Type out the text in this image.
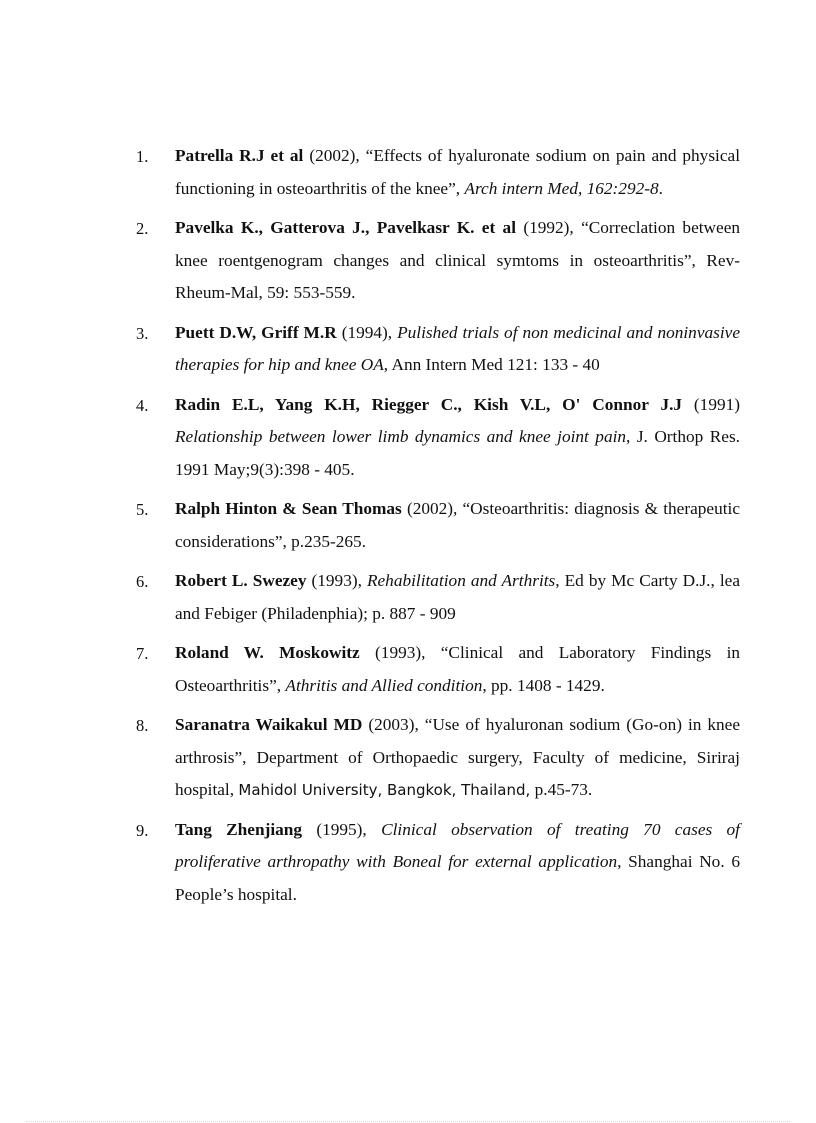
1 .	Patrella R.J et al (2002), “Effects of hyaluronate sodium on pain and physical functioning in osteoarthritis of the knee”, Arch intern Med, 162:292-8.
2 .	Pavelka K., Gatterova J., Pavelkasr K. et al (1992), “Correclation between knee roentgenogram changes and clinical symtoms in osteoarthritis”, Rev-Rheum-Mal, 59: 553-559.
3 .	Puett D.W, Griff M.R (1994), Pulished trials of non medicinal and noninvasive therapies for hip and knee OA, Ann Intern Med 121: 133 - 40
4 .	Radin E.L, Yang K.H, Riegger C., Kish V.L, O' Connor J.J (1991) Relationship between lower limb dynamics and knee joint pain, J. Orthop Res. 1991 May;9(3):398 - 405.
5 .	Ralph Hinton & Sean Thomas (2002), “Osteoarthritis: diagnosis & therapeutic considerations”, p.235-265.
6 .	Robert L. Swezey (1993), Rehabilitation and Arthrits, Ed by Mc Carty D.J., lea and Febiger (Philadenphia); p. 887 - 909
7 .	Roland W. Moskowitz (1993), “Clinical and Laboratory Findings in Osteoarthritis”, Athritis and Allied condition, pp. 1408 - 1429.
8 .	Saranatra Waikakul MD (2003), “Use of hyaluronan sodium (Go-on) in knee arthrosis”, Department of Orthopaedic surgery, Faculty of medicine, Siriraj hospital, Mahidol University, Bangkok, Thailand, p.45-73.
9 .	Tang Zhenjiang (1995), Clinical observation of treating 70 cases of proliferative arthropathy with Boneal for external application, Shanghai No. 6 People’s hospital.
